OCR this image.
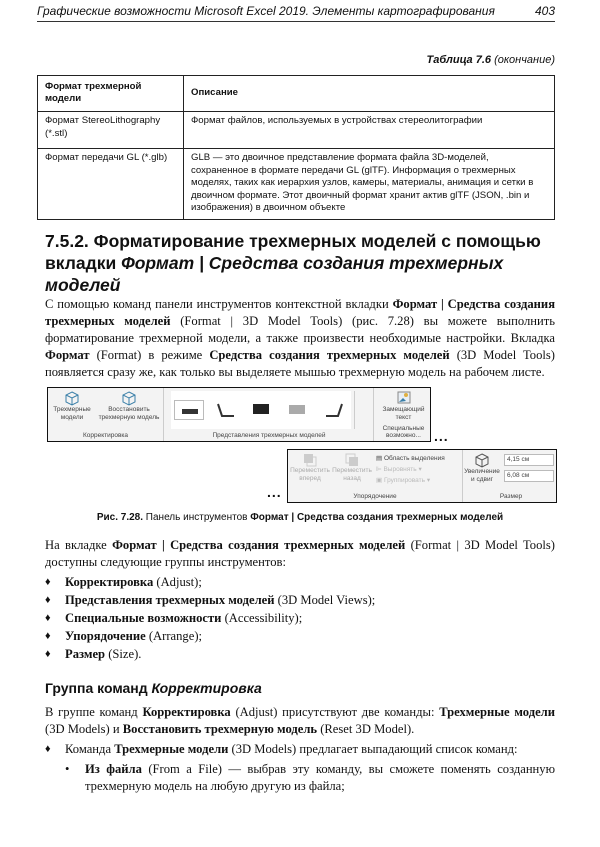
Графические возможности Microsoft Excel 2019. Элементы картографирования	403
Таблица 7.6 (окончание)
Формат трехмерной модели	Описание
Формат StereoLithography (*.stl)	Формат файлов, используемых в устройствах стереолитографии
Формат передачи GL (*.glb)	GLB — это двоичное представление формата файла 3D-моделей, сохраненное в формате передачи GL (glTF). Информация о трехмерных моделях, таких как иерархия узлов, камеры, материалы, анимация и сетки в двоичном формате. Этот двоичный формат хранит актив glTF (JSON, .bin и изображения) в двоичном объекте
7.5.2. Форматирование трехмерных моделей с помощью вкладки Формат | Средства создания трехмерных моделей
С помощью команд панели инструментов контекстной вкладки Формат | Средства создания трехмерных моделей (Format | 3D Model Tools) (рис. 7.28) вы можете выполнить форматирование трехмерной модели, а также произвести необходимые настройки. Вкладка Формат (Format) в режиме Средства создания трехмерных моделей (3D Model Tools) появляется сразу же, как только вы выделяете мышью трехмерную модель на рабочем листе.
Трехмерные модели
Восстановить трехмерную модель
Корректировка	Представления трехмерных моделей
Замещающий текст
Специальные возможно... ...
...
Переместить вперед
Переместить назад
▤ Область выделения
⊫ Выровнять ▾
▣ Группировать ▾
Упорядочение
Увеличение и сдвиг
4,15 см
6,08 см
Размер
Рис. 7.28. Панель инструментов Формат | Средства создания трехмерных моделей
На вкладке Формат | Средства создания трехмерных моделей (Format | 3D Model Tools) доступны следующие группы инструментов:
♦ Корректировка (Adjust);
♦ Представления трехмерных моделей (3D Model Views);
♦ Специальные возможности (Accessibility);
♦ Упорядочение (Arrange);
♦ Размер (Size).
Группа команд Корректировка
В группе команд Корректировка (Adjust) присутствуют две команды: Трехмерные модели (3D Models) и Восстановить трехмерную модель (Reset 3D Model).
♦ Команда Трехмерные модели (3D Models) предлагает выпадающий список команд:
• Из файла (From a File) — выбрав эту команду, вы сможете поменять созданную трехмерную модель на любую другую из файла;
